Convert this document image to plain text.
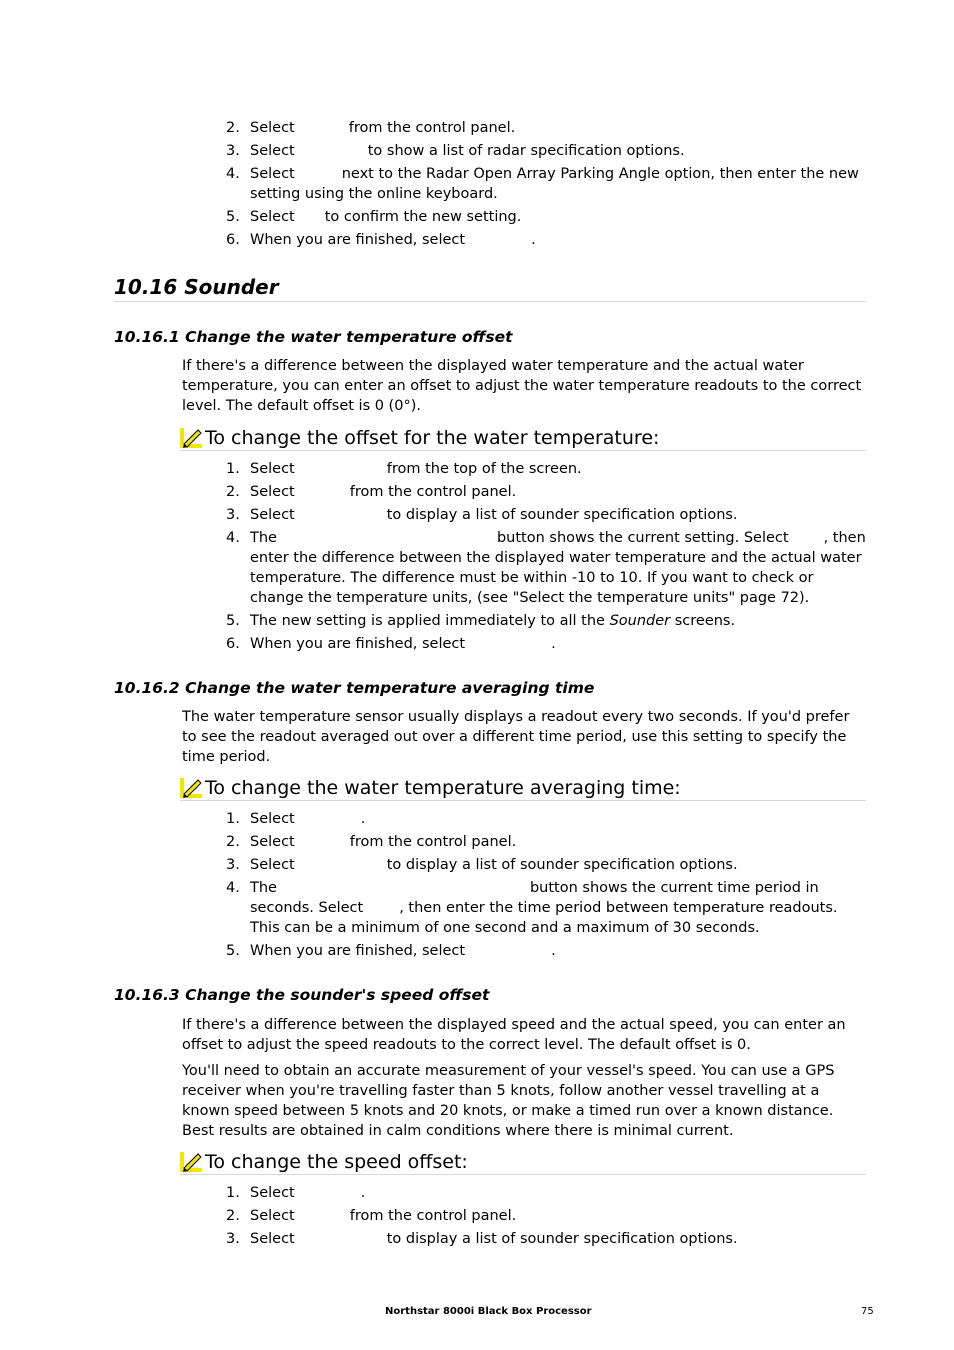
2. Select	from the control panel.
3. Select	to show a list of radar specification options.
4. Select	next to the Radar Open Array Parking Angle option, then enter the new setting using the online keyboard.
5. Select to confirm the new setting.
6. When you are finished, select	.
10.16 Sounder
10.16.1 Change the water temperature offset

If there's a difference between the displayed water temperature and the actual water temperature, you can enter an offset to adjust the water temperature readouts to the correct level. The default offset is 0 (0°).

To change the offset for the water temperature:
1. Select	from the top of the screen.
2. Select	from the control panel.
3. Select	to display a list of sounder specification options.
4. The	button shows the current setting. Select , then enter the difference between the displayed water temperature and the actual water temperature. The difference must be within -10 to 10. If you want to check or change the temperature units, (see "Select the temperature units" page 72).
5. The new setting is applied immediately to all the Sounder screens.
6. When you are finished, select	.
10.16.2 Change the water temperature averaging time

The water temperature sensor usually displays a readout every two seconds. If you'd prefer to see the readout averaged out over a different time period, use this setting to specify the time period.

To change the water temperature averaging time:
1. Select	.
2. Select	from the control panel.
3. Select	to display a list of sounder specification options.
4. The	button shows the current time period in seconds. Select , then enter the time period between temperature readouts. This can be a minimum of one second and a maximum of 30 seconds.
5. When you are finished, select	.
10.16.3 Change the sounder's speed offset

If there's a difference between the displayed speed and the actual speed, you can enter an offset to adjust the speed readouts to the correct level. The default offset is 0.

You'll need to obtain an accurate measurement of your vessel's speed. You can use a GPS receiver when you're travelling faster than 5 knots, follow another vessel travelling at a known speed between 5 knots and 20 knots, or make a timed run over a known distance. Best results are obtained in calm conditions where there is minimal current.

To change the speed offset:
1. Select	.
2. Select	from the control panel.
3. Select	to display a list of sounder specification options.
Northstar 8000i Black Box Processor	75
